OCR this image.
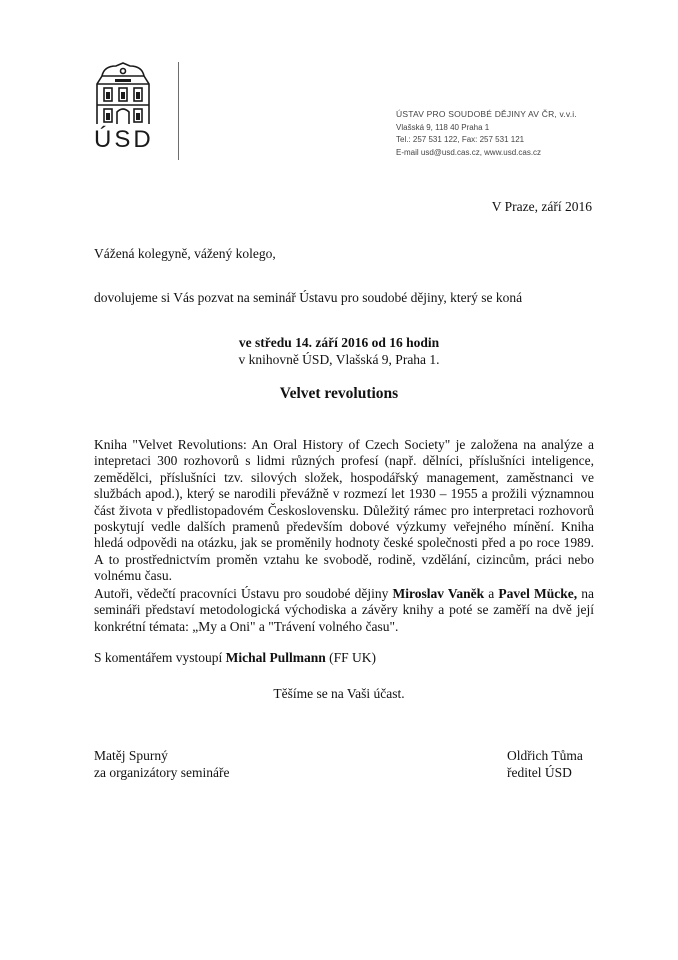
ÚSD
ÚSTAV PRO SOUDOBÉ DĚJINY AV ČR, v.v.i.
Vlašská 9, 118 40 Praha 1
Tel.: 257 531 122, Fax: 257 531 121
E-mail usd@usd.cas.cz, www.usd.cas.cz
V Praze, září 2016
Vážená kolegyně, vážený kolego,
dovolujeme si Vás pozvat na seminář Ústavu pro soudobé dějiny, který se koná
ve středu 14. září 2016 od 16 hodin
v knihovně ÚSD, Vlašská 9, Praha 1.
Velvet revolutions
Kniha "Velvet Revolutions: An Oral History of Czech Society" je založena na analýze a intepretaci 300 rozhovorů s lidmi různých profesí (např. dělníci, příslušníci inteligence, zemědělci, příslušníci tzv. silových složek, hospodářský management, zaměstnanci ve službách apod.), který se narodili převážně v rozmezí let 1930 – 1955 a prožili významnou část života v předlistopadovém Československu. Důležitý rámec pro interpretaci rozhovorů poskytují vedle dalších pramenů především dobové výzkumy veřejného mínění. Kniha hledá odpovědi na otázku, jak se proměnily hodnoty české společnosti před a po roce 1989. A to prostřednictvím proměn vztahu ke svobodě, rodině, vzdělání, cizincům, práci nebo volnému času.
Autoři, vědečtí pracovníci Ústavu pro soudobé dějiny Miroslav Vaněk a Pavel Mücke, na semináři představí metodologická východiska a závěry knihy a poté se zaměří na dvě její konkrétní témata: „My a Oni" a "Trávení volného času".
S komentářem vystoupí Michal Pullmann (FF UK)
Těšíme se na Vaši účast.
Matěj Spurný
za organizátory semináře
Oldřich Tůma
ředitel ÚSD
